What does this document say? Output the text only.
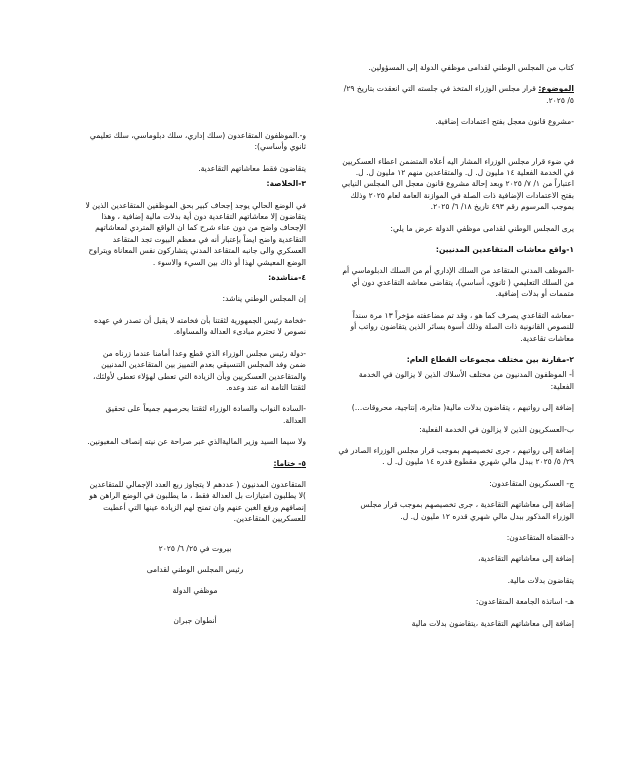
كتاب من المجلس الوطني لقدامى موظفي الدولة إلى المسؤولين.

الموضوع: قرار مجلس الوزراء المتخذ في جلسته التي انعقدت بتاريخ ٢٩/ ٥/ ٢٠٢٥.

-مشروع قانون معجل بفتح اعتمادات إضافية.

في ضوء قرار مجلس الوزراء المشار اليه أعلاه المتضمن اعطاء العسكريين في الخدمة الفعلية ١٤ مليون ل. ل. والمتقاعدين منهم ١٢ مليون ل. ل. اعتباراً من ١/ ٧/ ٢٠٢٥ وبعد إحالة مشروع قانون معجل الى المجلس النيابي بفتح الاعتمادات الإضافية ذات الصلة في الموازنة العامة لعام ٢٠٢٥ وذلك بموجب المرسوم رقم ٤٩٣ تاريخ ١٨/ ٦/ ٢٠٢٥.

يرى المجلس الوطني لقدامى موظفي الدولة عرض ما يلي:

١-واقع معاشات المتقاعدين المدنيين:

-الموظف المدني المتقاعد من السلك الإداري أم من السلك الدبلوماسي أم من السلك التعليمي ( ثانوي، أساسي)، يتقاضى معاشه التقاعدي دون أي متممات أو بدلات إضافية.

-معاشه التقاعدي يصرف كما هو ، وقد تم مضاعفته مؤخراً ١٣ مرة سنداً للنصوص القانونية ذات الصلة وذلك أسوة بسائر الذين يتقاضون رواتب أو معاشات تقاعدية.

٢-مقارنة بين مختلف مجموعات القطاع العام:

أ- الموظفون المدنيون من مختلف الأسلاك الذين لا يزالون في الخدمة الفعلية:

إضافة إلى رواتبهم ، يتقاضون بدلات مالية( مثابرة، إنتاجية، محروقات…)

ب-العسكريون الذين لا يزالون في الخدمة الفعلية:

إضافة إلى رواتبهم ، جرى تخصيصهم بموجب قرار مجلس الوزراء الصادر في ٢٩/ ٥/ ٢٠٢٥ ببدل مالي شهري مقطوع قدره ١٤ مليون ل. ل .

ج- العسكريون المتقاعدون:

إضافة إلى معاشاتهم التقاعدية ، جرى تخصيصهم بموجب قرار مجلس الوزراء المذكور ببدل مالي شهري قدره ١٢ مليون ل. ل.

د-القضاة المتقاعدون:

إضافة إلى معاشاتهم التقاعدية،

يتقاضون بدلات مالية.

هـ- اساتذة الجامعة المتقاعدون:

إضافة إلى معاشاتهم التقاعدية ،يتقاضون بدلات مالية

و-.الموظفون المتقاعدون (سلك إداري، سلك دبلوماسي، سلك تعليمي ثانوي وأساسي):

يتقاضون فقط معاشاتهم التقاعدية.

٣-الخلاصة:

في الوضع الحالي يوجد إجحاف كبير بحق الموظفين المتقاعدين الذين لا يتقاضون إلا معاشاتهم التقاعدية دون أية بدلات مالية إضافية ، وهذا الإجحاف واضح من دون عناء شرح كما ان الواقع المتردي لمعاشاتهم التقاعدية واضح ايضاً بإعتبار أنه في معظم البيوت تجد المتقاعد العسكري والى جانبه المتقاعد المدني يتشاركون نفس المعاناة ويتراوح الوضع المعيشي لهذا أو ذاك بين السيء والاسوء .

٤-مناشدة:

إن المجلس الوطني يناشد:

-فخامة رئيس الجمهورية لثقتنا بأن فخامته لا يقبل أن تصدر في عهده نصوص لا تحترم مبادىء العدالة والمساواة.

-دولة رئيس مجلس الوزراء الذي قطع وعدا أمامنا عندما زرناه من ضمن وفد المجلس التنسيقي بعدم التمييز بين المتقاعدين المدنيين والمتقاعدين العسكريين وبأن الزيادة التي تعطى لهؤلاء تعطى لأولئك، لثقتنا التامة انه عند وعده.

-السادة النواب والسادة الوزراء لثقتنا بحرصهم جميعاً على تحقيق العدالة.

ولا سيما السيد وزير الماليةالذي عبر صراحة عن نيته إنصاف المغبونين.

٥- ختاما:

المتقاعدون المدنيون ( عددهم لا يتجاوز ربع العدد الإجمالي للمتقاعدين )لا يطلبون امتيازات بل العدالة فقط ، ما يطلبون في الوضع الراهن هو إنصافهم ورفع الغبن عنهم وان تمنح لهم الزيادة عينها التي أعطيت للعسكريين المتقاعدين.

بيروت في ٢٥/ ٦/ ٢٠٢٥

رئيس المجلس الوطني لقدامى

موظفي الدولة

أنطوان جبران
